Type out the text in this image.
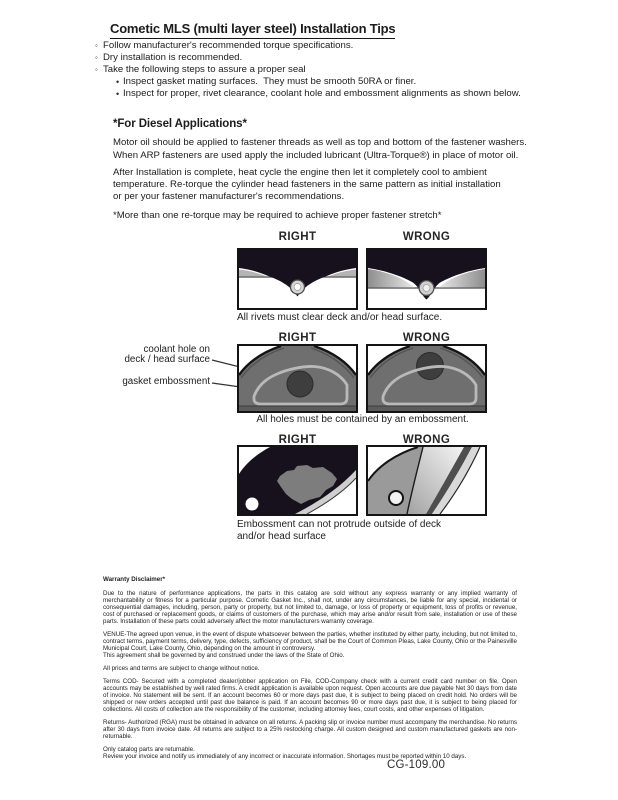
Cometic MLS (multi layer steel) Installation Tips
◦ Follow manufacturer's recommended torque specifications.
◦ Dry installation is recommended.
◦ Take the following steps to assure a proper seal
• Inspect gasket mating surfaces.  They must be smooth 50RA or finer.
• Inspect for proper, rivet clearance, coolant hole and embossment alignments as shown below.
*For Diesel Applications*
Motor oil should be applied to fastener threads as well as top and bottom of the fastener washers.
When ARP fasteners are used apply the included lubricant (Ultra-Torque®) in place of motor oil.
After Installation is complete, heat cycle the engine then let it completely cool to ambient
temperature. Re-torque the cylinder head fasteners in the same pattern as initial installation
or per your fastener manufacturer's recommendations.
*More than one re-torque may be required to achieve proper fastener stretch*
RIGHT	WRONG
All rivets must clear deck and/or head surface.
RIGHT	WRONG
coolant hole on
deck / head surface
gasket embossment
All holes must be contained by an embossment.
RIGHT	WRONG
Embossment can not protrude outside of deck
and/or head surface
Warranty Disclaimer*

Due to the nature of performance applications, the parts in this catalog are sold without any express warranty or any implied warranty of merchantability or fitness for a particular purpose. Cometic Gasket Inc., shall not, under any circumstances, be liable for any special, incidental or consequential damages, including, person, party or property, but not limited to, damage, or loss of property or equipment, loss of profits or revenue, cost of purchased or replacement goods, or claims of customers of the purchase, which may arise and/or result from sale, installation or use of these parts. Installation of these parts could adversely affect the motor manufacturers warranty coverage.

VENUE-The agreed upon venue, in the event of dispute whatsoever between the parties, whether instituted by either party, including, but not limited to, contract terms, payment terms, delivery, type, defects, sufficiency of product, shall be the Court of Common Pleas, Lake County, Ohio or the Painesville Municipal Court, Lake County, Ohio, depending on the amount in controversy.

This agreement shall be governed by and construed under the laws of the State of Ohio.

All prices and terms are subject to change without notice.

Terms COD- Secured with a completed dealer/jobber application on File, COD-Company check with a current credit card number on file. Open accounts may be established by well rated firms. A credit application is available upon request. Open accounts are due payable Net 30 days from date of invoice. No statement will be sent. If an account becomes 60 or more days past due, it is subject to being placed on credit hold. No orders will be shipped or new orders accepted until past due balance is paid. If an account becomes 90 or more days past due, it is subject to being placed for collections. All costs of collection are the responsibility of the customer, including attorney fees, court costs, and other expenses of litigation.

Returns- Authorized (RGA) must be obtained in advance on all returns. A packing slip or invoice number must accompany the merchandise. No returns after 30 days from invoice date. All returns are subject to a 25% restocking charge. All custom designed and custom manufactured gaskets are non-returnable.

Only catalog parts are returnable.

Review your invoice and notify us immediately of any incorrect or inaccurate information. Shortages must be reported within 10 days.

CG-109.00
